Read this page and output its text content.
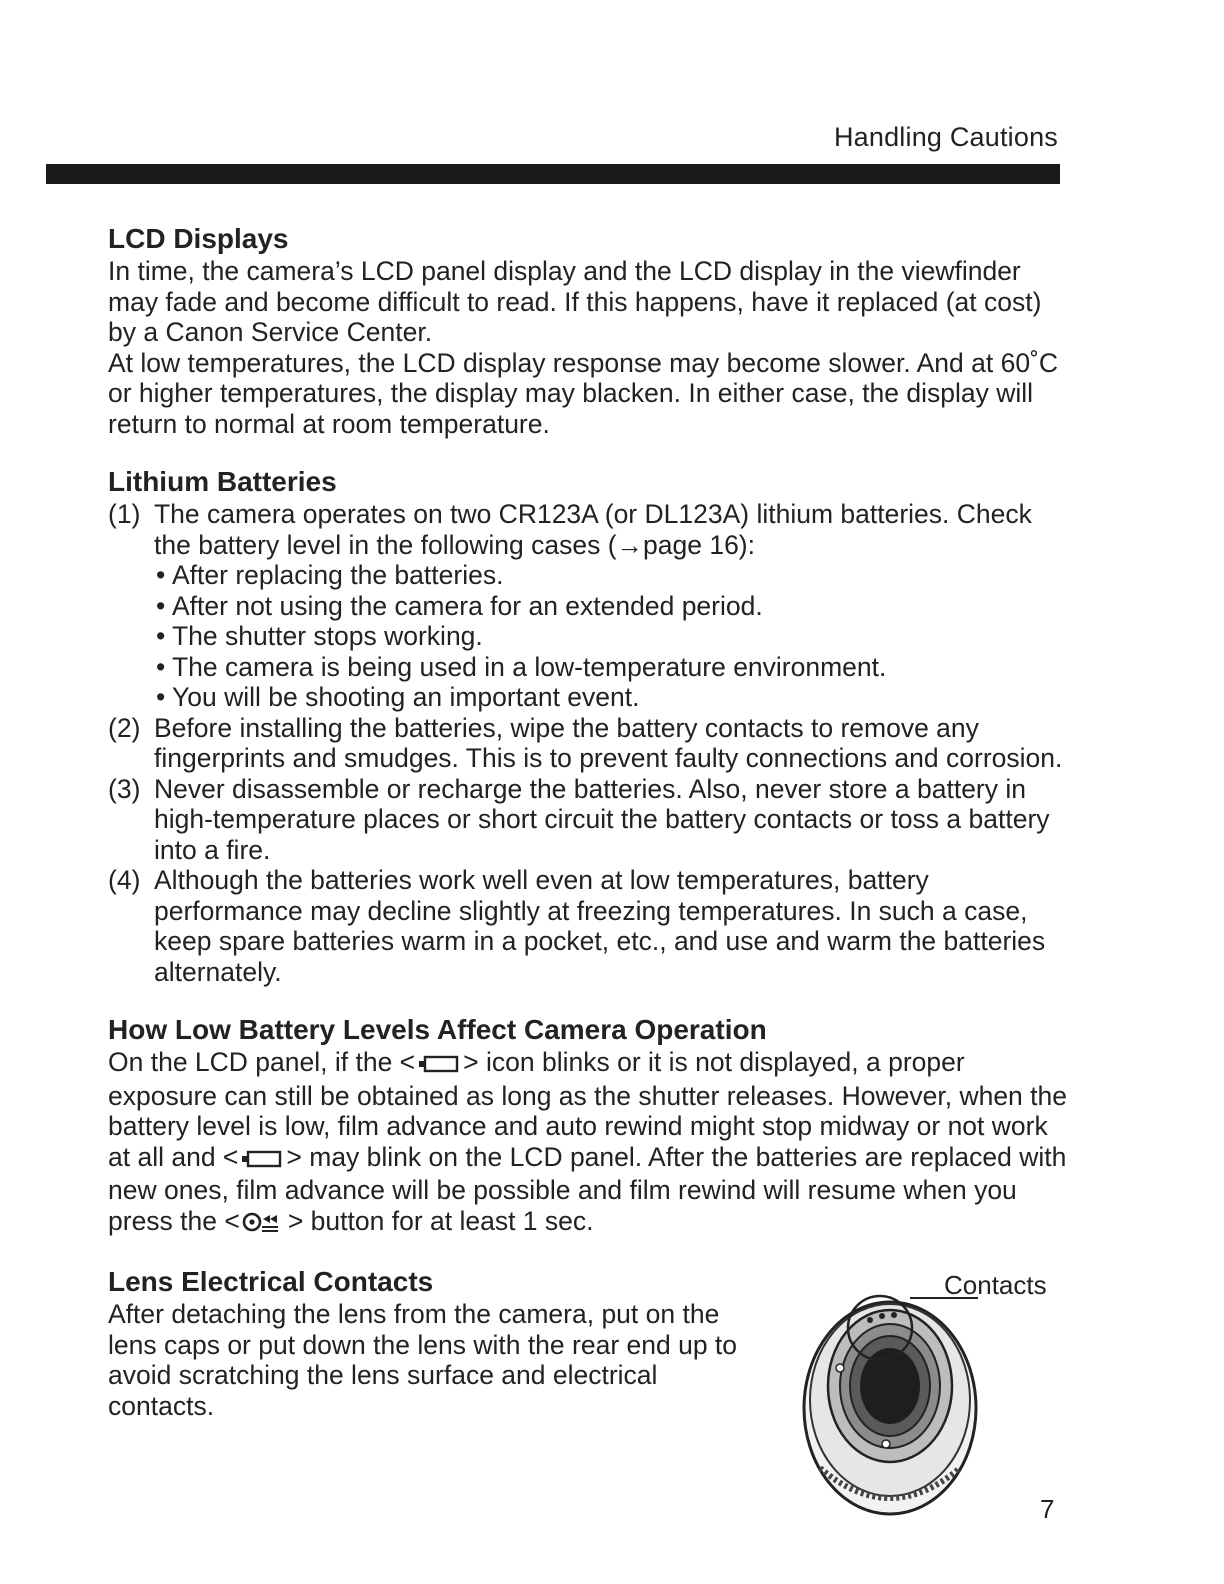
Handling Cautions
LCD Displays

In time, the camera’s LCD panel display and the LCD display in the viewfinder may fade and become difficult to read. If this happens, have it replaced (at cost) by a Canon Service Center.

At low temperatures, the LCD display response may become slower. And at 60˚C or higher temperatures, the display may blacken. In either case, the display will return to normal at room temperature.

Lithium Batteries
(1) The camera operates on two CR123A (or DL123A) lithium batteries. Check the battery level in the following cases (→page 16):
• After replacing the batteries.
• After not using the camera for an extended period.
• The shutter stops working.
• The camera is being used in a low-temperature environment.
• You will be shooting an important event.
(2) Before installing the batteries, wipe the battery contacts to remove any fingerprints and smudges. This is to prevent faulty connections and corrosion.
(3) Never disassemble or recharge the batteries. Also, never store a battery in high-temperature places or short circuit the battery contacts or toss a battery into a fire.
(4) Although the batteries work well even at low temperatures, battery performance may decline slightly at freezing temperatures. In such a case, keep spare batteries warm in a pocket, etc., and use and warm the batteries alternately.
How Low Battery Levels Affect Camera Operation

On the LCD panel, if the < > icon blinks or it is not displayed, a proper exposure can still be obtained as long as the shutter releases. However, when the battery level is low, film advance and auto rewind might stop midway or not work at all and < > may blink on the LCD panel. After the batteries are replaced with new ones, film advance will be possible and film rewind will resume when you press the < > button for at least 1 sec.

Lens Electrical Contacts

After detaching the lens from the camera, put on the lens caps or put down the lens with the rear end up to avoid scratching the lens surface and electrical contacts.

Contacts
7
